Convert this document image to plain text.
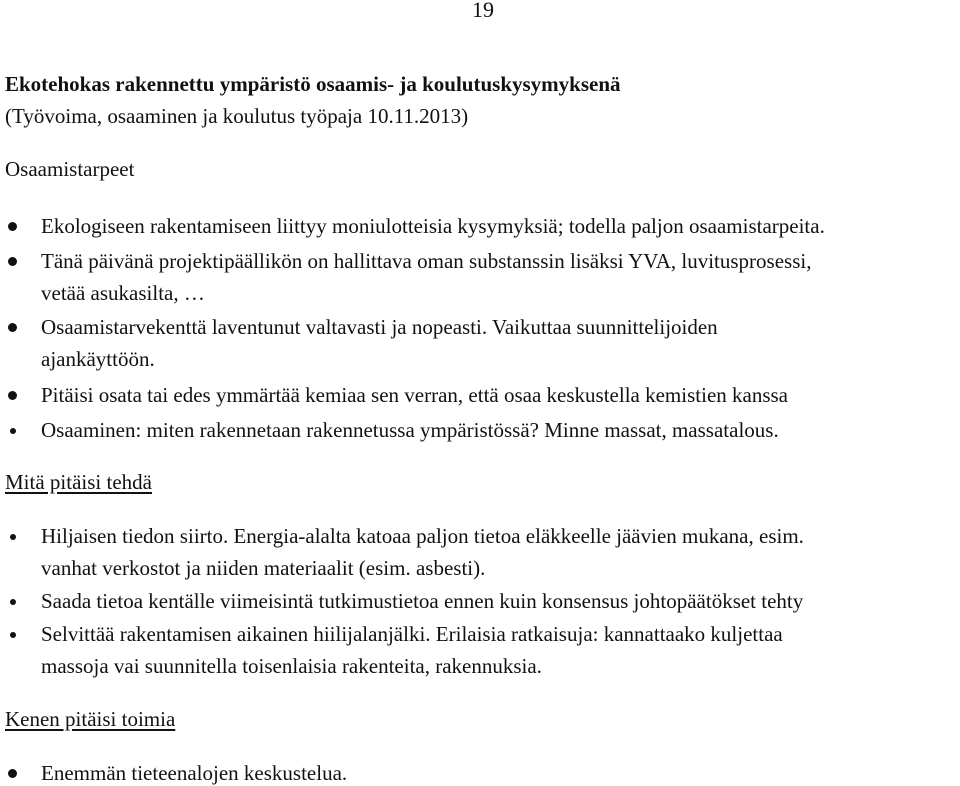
19
Ekotehokas rakennettu ympäristö osaamis- ja koulutuskysymyksenä
(Työvoima, osaaminen ja koulutus työpaja 10.11.2013)
Osaamistarpeet
Ekologiseen rakentamiseen liittyy moniulotteisia kysymyksiä; todella paljon osaamistarpeita.
Tänä päivänä projektipäällikön on hallittava oman substanssin lisäksi YVA, luvitusprosessi,
vetää asukasilta, …
Osaamistarvekenttä laventunut valtavasti ja nopeasti. Vaikuttaa suunnittelijoiden
ajankäyttöön.
Pitäisi osata tai edes ymmärtää kemiaa sen verran, että osaa keskustella kemistien kanssa
Osaaminen: miten rakennetaan rakennetussa ympäristössä? Minne massat, massatalous.
Mitä pitäisi tehdä
Hiljaisen tiedon siirto. Energia-alalta katoaa paljon tietoa eläkkeelle jäävien mukana, esim.
vanhat verkostot ja niiden materiaalit (esim. asbesti).
Saada tietoa kentälle viimeisintä tutkimustietoa ennen kuin konsensus johtopäätökset tehty
Selvittää rakentamisen aikainen hiilijalanjälki. Erilaisia ratkaisuja: kannattaako kuljettaa
massoja vai suunnitella toisenlaisia rakenteita, rakennuksia.
Kenen pitäisi toimia
Enemmän tieteenalojen keskustelua.
